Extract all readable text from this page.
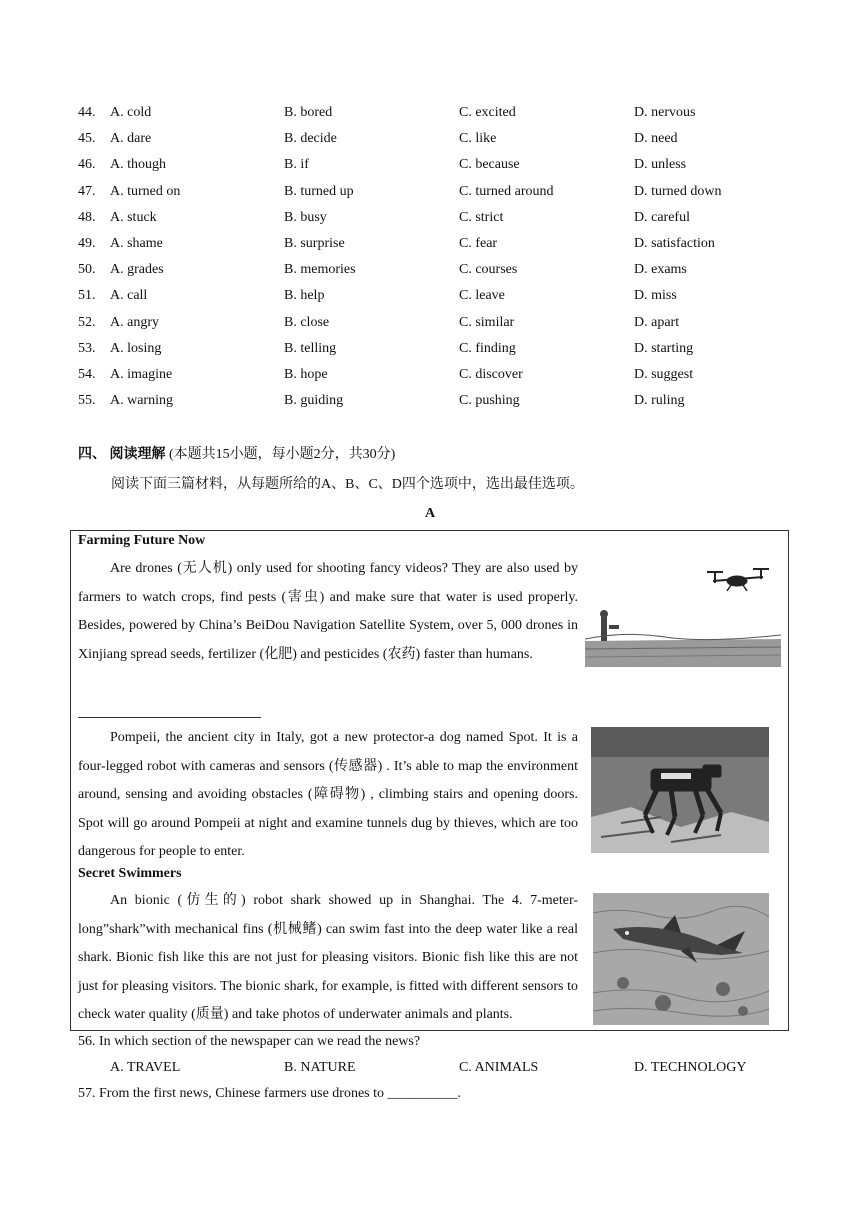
44. A. cold	B. bored	C. excited	D. nervous
45. A. dare	B. decide	C. like	D. need
46. A. though	B. if	C. because	D. unless
47. A. turned on	B. turned up	C. turned around	D. turned down
48. A. stuck	B. busy	C. strict	D. careful
49. A. shame	B. surprise	C. fear	D. satisfaction
50. A. grades	B. memories	C. courses	D. exams
51. A. call	B. help	C. leave	D. miss
52. A. angry	B. close	C. similar	D. apart
53. A. losing	B. telling	C. finding	D. starting
54. A. imagine	B. hope	C. discover	D. suggest
55. A. warning	B. guiding	C. pushing	D. ruling
四、 阅读理解 (本题共15小题，每小题2分，共30分)
阅读下面三篇材料，从每题所给的A、B、C、D四个选项中，选出最佳选项。
A
Farming Future Now

Are drones (无人机) only used for shooting fancy videos? They are also used by farmers to watch crops, find pests (害虫) and make sure that water is used properly. Besides, powered by China’s BeiDou Navigation Satellite System, over 5, 000 drones in Xinjiang spread seeds, fertilizer (化肥) and pesticides (农药) faster than humans.

Pompeii, the ancient city in Italy, got a new protector-a dog named Spot. It is a four-legged robot with cameras and sensors (传感器) . It’s able to map the environment around, sensing and avoiding obstacles (障碍物) , climbing stairs and opening doors. Spot will go around Pompeii at night and examine tunnels dug by thieves, which are too dangerous for people to enter.

Secret Swimmers

An bionic (仿生的) robot shark showed up in Shanghai. The 4. 7-meter-long”shark”with mechanical fins (机械鳍) can swim fast into the deep water like a real shark. Bionic fish like this are not just for pleasing visitors. Bionic fish like this are not just for pleasing visitors. The bionic shark, for example, is fitted with different sensors to check water quality (质量) and take photos of underwater animals and plants.

56. In which section of the newspaper can we read the news?
A. TRAVEL	B. NATURE	C. ANIMALS	D. TECHNOLOGY
57. From the first news, Chinese farmers use drones to __________.
